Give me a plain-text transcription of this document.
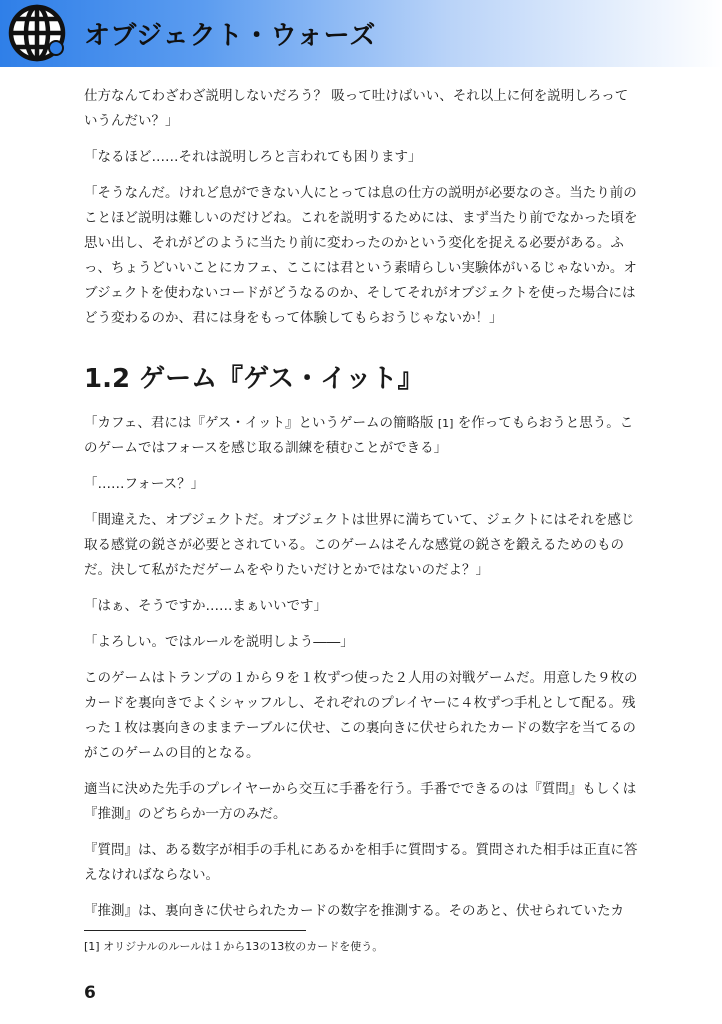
オブジェクト・ウォーズ

仕方なんてわざわざ説明しないだろう？ 吸って吐けばいい、それ以上に何を説明しろっていうんだい？」

「なるほど……それは説明しろと言われても困ります」

「そうなんだ。けれど息ができない人にとっては息の仕方の説明が必要なのさ。当たり前のことほど説明は難しいのだけどね。これを説明するためには、まず当たり前でなかった頃を思い出し、それがどのように当たり前に変わったのかという変化を捉える必要がある。ふっ、ちょうどいいことにカフェ、ここには君という素晴らしい実験体がいるじゃないか。オブジェクトを使わないコードがどうなるのか、そしてそれがオブジェクトを使った場合にはどう変わるのか、君には身をもって体験してもらおうじゃないか！」

1.2 ゲーム『ゲス・イット』

「カフェ、君には『ゲス・イット』というゲームの簡略版 [1] を作ってもらおうと思う。このゲームではフォースを感じ取る訓練を積むことができる」

「……フォース？」

「間違えた、オブジェクトだ。オブジェクトは世界に満ちていて、ジェクトにはそれを感じ取る感覚の鋭さが必要とされている。このゲームはそんな感覚の鋭さを鍛えるためのものだ。決して私がただゲームをやりたいだけとかではないのだよ？」

「はぁ、そうですか……まぁいいです」

「よろしい。ではルールを説明しよう――」

このゲームはトランプの１から９を１枚ずつ使った２人用の対戦ゲームだ。用意した９枚のカードを裏向きでよくシャッフルし、それぞれのプレイヤーに４枚ずつ手札として配る。残った１枚は裏向きのままテーブルに伏せ、この裏向きに伏せられたカードの数字を当てるのがこのゲームの目的となる。

適当に決めた先手のプレイヤーから交互に手番を行う。手番でできるのは『質問』もしくは『推測』のどちらか一方のみだ。

『質問』は、ある数字が相手の手札にあるかを相手に質問する。質問された相手は正直に答えなければならない。

『推測』は、裏向きに伏せられたカードの数字を推測する。そのあと、伏せられていたカ

[1] オリジナルのルールは１から13の13枚のカードを使う。
6
